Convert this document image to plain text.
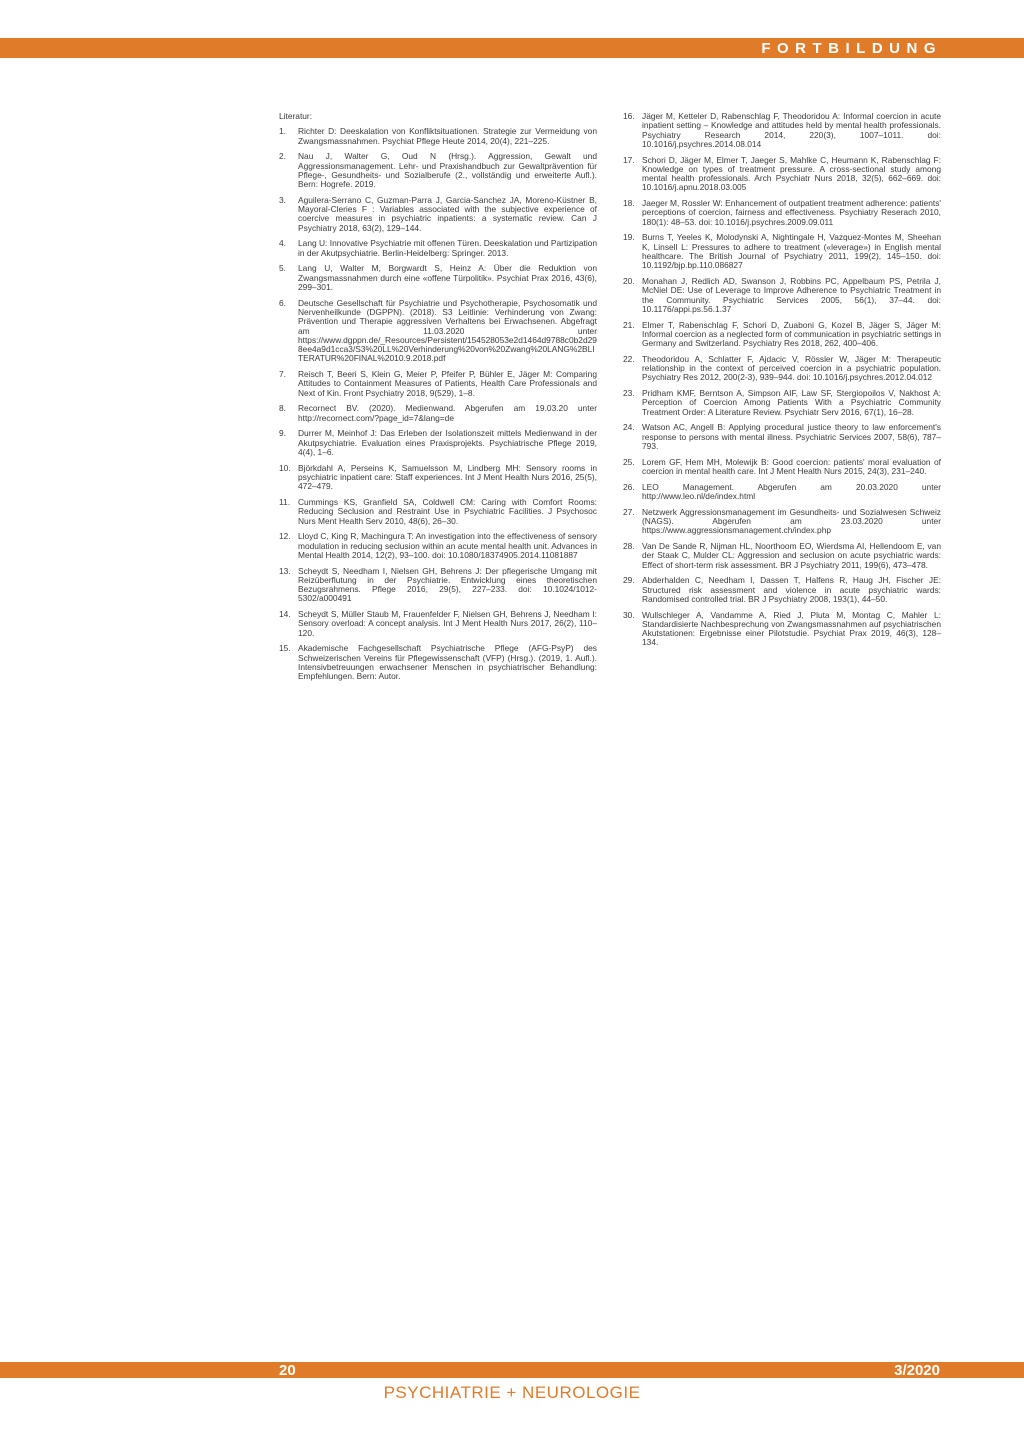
FORTBILDUNG
Literatur:
1. Richter D: Deeskalation von Konfliktsituationen. Strategie zur Vermeidung von Zwangsmassnahmen. Psychiat Pflege Heute 2014, 20(4), 221–225.
2. Nau J, Walter G, Oud N (Hrsg.). Aggression, Gewalt und Aggressionsmanagement. Lehr- und Praxishandbuch zur Gewaltprävention für Pflege-, Gesundheits- und Sozialberufe (2., vollständig und erweiterte Aufl.). Bern: Hogrefe. 2019.
3. Aguilera-Serrano C, Guzman-Parra J, Garcia-Sanchez JA, Moreno-Küstner B, Mayoral-Cleries F : Variables associated with the subjective experience of coercive measures in psychiatric inpatients: a systematic review. Can J Psychiatry 2018, 63(2), 129–144.
4. Lang U: Innovative Psychiatrie mit offenen Türen. Deeskalation und Partizipation in der Akutpsychiatrie. Berlin-Heidelberg: Springer. 2013.
5. Lang U, Walter M, Borgwardt S, Heinz A: Über die Reduktion von Zwangsmassnahmen durch eine «offene Türpolitik». Psychiat Prax 2016, 43(6), 299–301.
6. Deutsche Gesellschaft für Psychiatrie und Psychotherapie, Psychosomatik und Nervenheilkunde (DGPPN). (2018). S3 Leitlinie: Verhinderung von Zwang: Prävention und Therapie aggressiven Verhaltens bei Erwachsenen. Abgefragt am 11.03.2020 unter https://www.dgppn.de/_Resources/Persistent/154528053e2d1464d9788c0b2d298ee4a9d1cca3/S3%20LL%20Verhinderung%20von%20Zwang%20LANG%2BLITERATUR%20FINAL%2010.9.2018.pdf
7. Reisch T, Beeri S, Klein G, Meier P, Pfeifer P, Bühler E, Jäger M: Comparing Attitudes to Containment Measures of Patients, Health Care Professionals and Next of Kin. Front Psychiatry 2018, 9(529), 1–8.
8. Recornect BV. (2020). Medienwand. Abgerufen am 19.03.20 unter http://recornect.com/?page_id=7&lang=de
9. Durrer M, Meinhof J: Das Erleben der Isolationszeit mittels Medienwand in der Akutpsychiatrie. Evaluation eines Praxisprojekts. Psychiatrische Pflege 2019, 4(4), 1–6.
10. Björkdahl A, Perseins K, Samuelsson M, Lindberg MH: Sensory rooms in psychiatric inpatient care: Staff experiences. Int J Ment Health Nurs 2016, 25(5), 472–479.
11. Cummings KS, Granfield SA, Coldwell CM: Caring with Comfort Rooms: Reducing Seclusion and Restraint Use in Psychiatric Facilities. J Psychosoc Nurs Ment Health Serv 2010, 48(6), 26–30.
12. Lloyd C, King R, Machingura T: An investigation into the effectiveness of sensory modulation in reducing seclusion within an acute mental health unit. Advances in Mental Health 2014, 12(2), 93–100. doi: 10.1080/18374905.2014.11081887
13. Scheydt S, Needham I, Nielsen GH, Behrens J: Der pflegerische Umgang mit Reizüberflutung in der Psychiatrie. Entwicklung eines theoretischen Bezugsrahmens. Pflege 2016, 29(5), 227–233. doi: 10.1024/1012-5302/a000491
14. Scheydt S, Müller Staub M, Frauenfelder F, Nielsen GH, Behrens J, Needham I: Sensory overload: A concept analysis. Int J Ment Health Nurs 2017, 26(2), 110–120.
15. Akademische Fachgesellschaft Psychiatrische Pflege (AFG-PsyP) des Schweizerischen Vereins für Pflegewissenschaft (VFP) (Hrsg.). (2019, 1. Aufl.). Intensivbetreuungen erwachsener Menschen in psychiatrischer Behandlung: Empfehlungen. Bern: Autor.
16. Jäger M, Ketteler D, Rabenschlag F, Theodoridou A: Informal coercion in acute inpatient setting – Knowledge and attitudes held by mental health professionals. Psychiatry Research 2014, 220(3), 1007–1011. doi: 10.1016/j.psychres.2014.08.014
17. Schori D, Jäger M, Elmer T, Jaeger S, Mahlke C, Heumann K, Rabenschlag F: Knowledge on types of treatment pressure. A cross-sectional study among mental health professionals. Arch Psychiatr Nurs 2018, 32(5), 662–669. doi: 10.1016/j.apnu.2018.03.005
18. Jaeger M, Rossler W: Enhancement of outpatient treatment adherence: patients' perceptions of coercion, fairness and effectiveness. Psychiatry Reserach 2010, 180(1): 48–53. doi: 10.1016/j.psychres.2009.09.011
19. Burns T, Yeeles K, Molodynski A, Nightingale H, Vazquez-Montes M, Sheehan K, Linsell L: Pressures to adhere to treatment («leverage») in English mental healthcare. The British Journal of Psychiatry 2011, 199(2), 145–150. doi: 10.1192/bjp.bp.110.086827
20. Monahan J, Redlich AD, Swanson J, Robbins PC, Appelbaum PS, Petrila J, McNiel DE: Use of Leverage to Improve Adherence to Psychiatric Treatment in the Community. Psychiatric Services 2005, 56(1), 37–44. doi: 10.1176/appi.ps.56.1.37
21. Elmer T, Rabenschlag F, Schori D, Zuaboni G, Kozel B, Jäger S, Jäger M: Informal coercion as a neglected form of communication in psychiatric settings in Germany and Switzerland. Psychiatry Res 2018, 262, 400–406.
22. Theodoridou A, Schlatter F, Ajdacic V, Rössler W, Jäger M: Therapeutic relationship in the context of perceived coercion in a psychiatric population. Psychiatry Res 2012, 200(2-3), 939–944. doi: 10.1016/j.psychres.2012.04.012
23. Pridham KMF, Berntson A, Simpson AIF, Law SF, Stergiopoilos V, Nakhost A: Perception of Coercion Among Patients With a Psychiatric Community Treatment Order: A Literature Review. Psychiatr Serv 2016, 67(1), 16–28.
24. Watson AC, Angell B: Applying procedural justice theory to law enforcement's response to persons with mental illness. Psychiatric Services 2007, 58(6), 787–793.
25. Lorem GF, Hem MH, Molewijk B: Good coercion: patients' moral evaluation of coercion in mental health care. Int J Ment Health Nurs 2015, 24(3), 231–240.
26. LEO Management. Abgerufen am 20.03.2020 unter http://www.leo.nl/de/index.html
27. Netzwerk Aggressionsmanagement im Gesundheits- und Sozialwesen Schweiz (NAGS). Abgerufen am 23.03.2020 unter https://www.aggressionsmanagement.ch/index.php
28. Van De Sande R, Nijman HL, Noorthoom EO, Wierdsma AI, Hellendoom E, van der Staak C, Mulder CL: Aggression and seclusion on acute psychiatric wards: Effect of short-term risk assessment. BR J Psychiatry 2011, 199(6), 473–478.
29. Abderhalden C, Needham I, Dassen T, Halfens R, Haug JH, Fischer JE: Structured risk assessment and violence in acute psychiatric wards: Randomised controlled trial. BR J Psychiatry 2008, 193(1), 44–50.
30. Wullschleger A, Vandamme A, Ried J, Pluta M, Montag C, Mahler L: Standardisierte Nachbesprechung von Zwangsmassnahmen auf psychiatrischen Akutstationen: Ergebnisse einer Pilotstudie. Psychiat Prax 2019, 46(3), 128–134.
20	3/2020
PSYCHIATRIE + NEUROLOGIE
